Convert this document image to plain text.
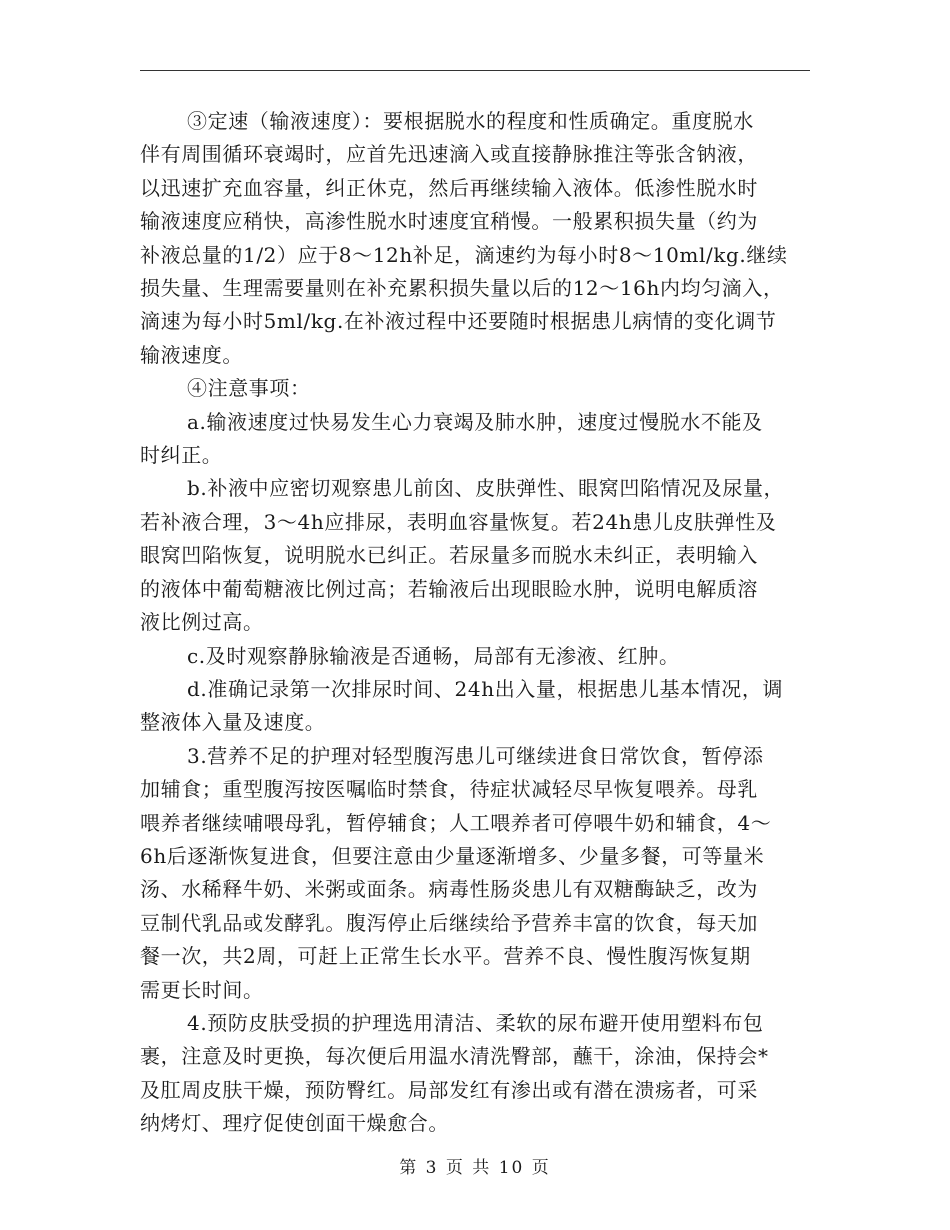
③定速（输液速度）：要根据脱水的程度和性质确定。重度脱水
伴有周围循环衰竭时，应首先迅速滴入或直接静脉推注等张含钠液，
以迅速扩充血容量，纠正休克，然后再继续输入液体。低渗性脱水时
输液速度应稍快，高渗性脱水时速度宜稍慢。一般累积损失量（约为
补液总量的1/2）应于8～12h补足，滴速约为每小时8～10ml/kg.继续
损失量、生理需要量则在补充累积损失量以后的12～16h内均匀滴入，
滴速为每小时5ml/kg.在补液过程中还要随时根据患儿病情的变化调节
输液速度。

④注意事项：

a.输液速度过快易发生心力衰竭及肺水肿，速度过慢脱水不能及
时纠正。

b.补液中应密切观察患儿前囟、皮肤弹性、眼窝凹陷情况及尿量，
若补液合理，3～4h应排尿，表明血容量恢复。若24h患儿皮肤弹性及
眼窝凹陷恢复，说明脱水已纠正。若尿量多而脱水未纠正，表明输入
的液体中葡萄糖液比例过高；若输液后出现眼睑水肿，说明电解质溶
液比例过高。

c.及时观察静脉输液是否通畅，局部有无渗液、红肿。

d.准确记录第一次排尿时间、24h出入量，根据患儿基本情况，调
整液体入量及速度。

3.营养不足的护理对轻型腹泻患儿可继续进食日常饮食，暂停添
加辅食；重型腹泻按医嘱临时禁食，待症状减轻尽早恢复喂养。母乳
喂养者继续哺喂母乳，暂停辅食；人工喂养者可停喂牛奶和辅食，4～
6h后逐渐恢复进食，但要注意由少量逐渐增多、少量多餐，可等量米
汤、水稀释牛奶、米粥或面条。病毒性肠炎患儿有双糖酶缺乏，改为
豆制代乳品或发酵乳。腹泻停止后继续给予营养丰富的饮食，每天加
餐一次，共2周，可赶上正常生长水平。营养不良、慢性腹泻恢复期
需更长时间。

4.预防皮肤受损的护理选用清洁、柔软的尿布避开使用塑料布包
裹，注意及时更换，每次便后用温水清洗臀部，蘸干，涂油，保持会*
及肛周皮肤干燥，预防臀红。局部发红有渗出或有潜在溃疡者，可采
纳烤灯、理疗促使创面干燥愈合。

第 3 页 共 10 页
